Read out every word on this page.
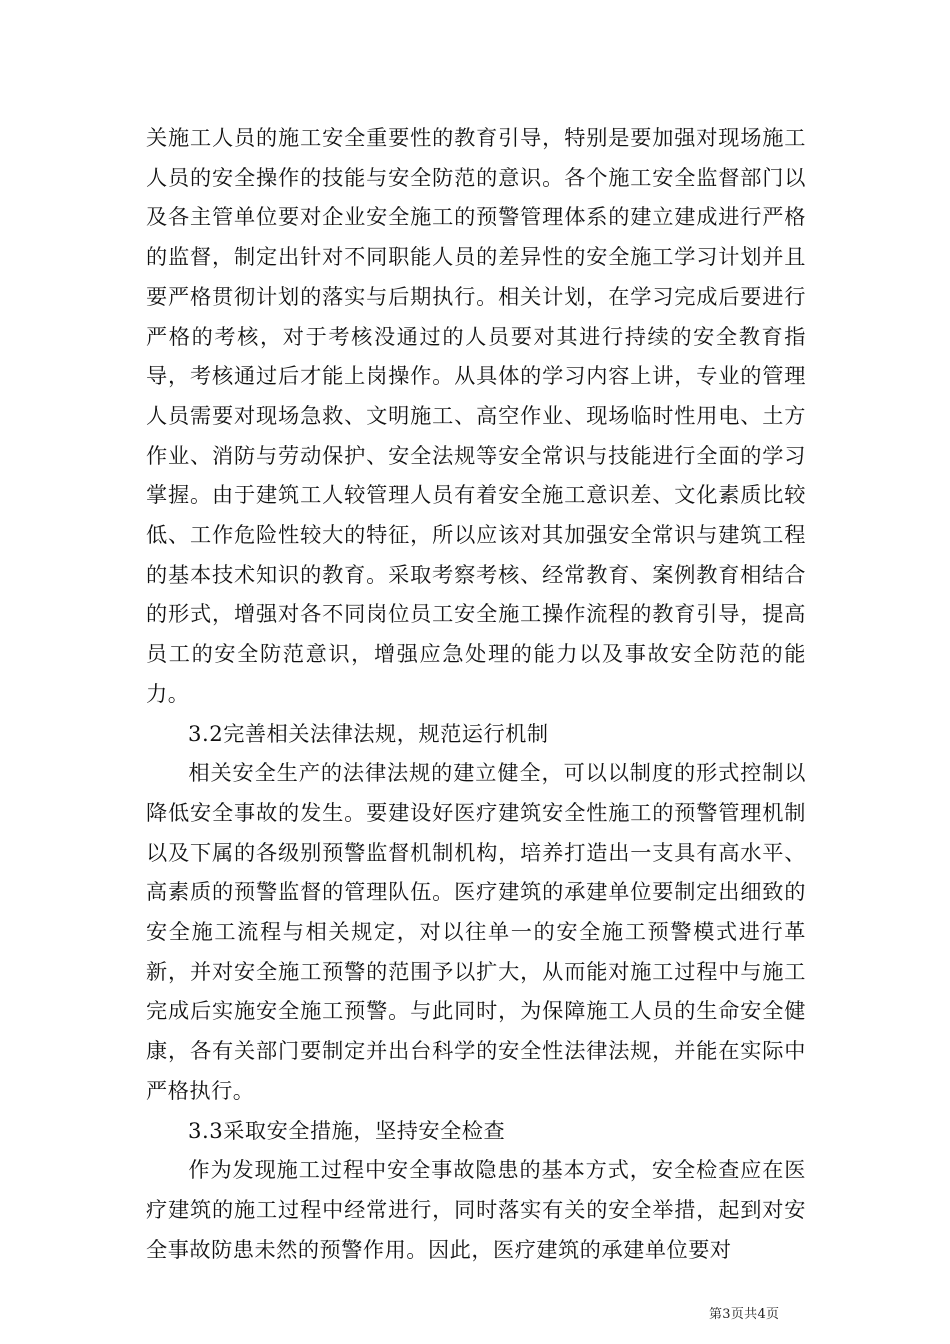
关施工人员的施工安全重要性的教育引导，特别是要加强对现场施工人员的安全操作的技能与安全防范的意识。各个施工安全监督部门以及各主管单位要对企业安全施工的预警管理体系的建立建成进行严格的监督，制定出针对不同职能人员的差异性的安全施工学习计划并且要严格贯彻计划的落实与后期执行。相关计划，在学习完成后要进行严格的考核，对于考核没通过的人员要对其进行持续的安全教育指导，考核通过后才能上岗操作。从具体的学习内容上讲，专业的管理人员需要对现场急救、文明施工、高空作业、现场临时性用电、土方作业、消防与劳动保护、安全法规等安全常识与技能进行全面的学习掌握。由于建筑工人较管理人员有着安全施工意识差、文化素质比较低、工作危险性较大的特征，所以应该对其加强安全常识与建筑工程的基本技术知识的教育。采取考察考核、经常教育、案例教育相结合的形式，增强对各不同岗位员工安全施工操作流程的教育引导，提高员工的安全防范意识，增强应急处理的能力以及事故安全防范的能力。

3.2完善相关法律法规，规范运行机制

相关安全生产的法律法规的建立健全，可以以制度的形式控制以降低安全事故的发生。要建设好医疗建筑安全性施工的预警管理机制以及下属的各级别预警监督机制机构，培养打造出一支具有高水平、高素质的预警监督的管理队伍。医疗建筑的承建单位要制定出细致的安全施工流程与相关规定，对以往单一的安全施工预警模式进行革新，并对安全施工预警的范围予以扩大，从而能对施工过程中与施工完成后实施安全施工预警。与此同时，为保障施工人员的生命安全健康，各有关部门要制定并出台科学的安全性法律法规，并能在实际中严格执行。

3.3采取安全措施，坚持安全检查

作为发现施工过程中安全事故隐患的基本方式，安全检查应在医疗建筑的施工过程中经常进行，同时落实有关的安全举措，起到对安全事故防患未然的预警作用。因此，医疗建筑的承建单位要对

第3页共4页
